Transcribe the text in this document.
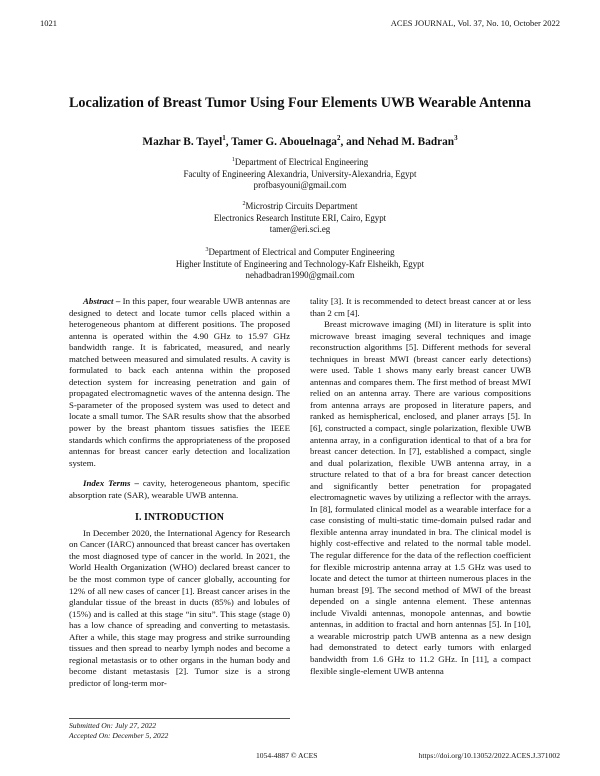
1021	ACES JOURNAL, Vol. 37, No. 10, October 2022
Localization of Breast Tumor Using Four Elements UWB Wearable Antenna
Mazhar B. Tayel$^1$, Tamer G. Abouelnaga$^2$, and Nehad M. Badran$^3$
$^1$Department of Electrical Engineering
Faculty of Engineering Alexandria, University-Alexandria, Egypt
profbasyouni@gmail.com
$^2$Microstrip Circuits Department
Electronics Research Institute ERI, Cairo, Egypt
tamer@eri.sci.eg
$^3$Department of Electrical and Computer Engineering
Higher Institute of Engineering and Technology-Kafr Elsheikh, Egypt
nehadbadran1990@gmail.com

Abstract – In this paper, four wearable UWB antennas are designed to detect and locate tumor cells placed within a heterogeneous phantom at different positions. The proposed antenna is operated within the 4.90 GHz to 15.97 GHz bandwidth range. It is fabricated, measured, and nearly matched between measured and simulated results. A cavity is formulated to back each antenna within the proposed detection system for increasing penetration and gain of propagated electromagnetic waves of the antenna design. The S-parameter of the proposed system was used to detect and locate a small tumor. The SAR results show that the absorbed power by the breast phantom tissues satisfies the IEEE standards which confirms the appropriateness of the proposed antennas for breast cancer early detection and localization system.

Index Terms – cavity, heterogeneous phantom, specific absorption rate (SAR), wearable UWB antenna.

I. INTRODUCTION

In December 2020, the International Agency for Research on Cancer (IARC) announced that breast cancer has overtaken the most diagnosed type of cancer in the world. In 2021, the World Health Organization (WHO) declared breast cancer to be the most common type of cancer globally, accounting for 12% of all new cases of cancer [1]. Breast cancer arises in the glandular tissue of the breast in ducts (85%) and lobules of (15%) and is called at this stage “in situ”. This stage (stage 0) has a low chance of spreading and converting to metastasis. After a while, this stage may progress and strike surrounding tissues and then spread to nearby lymph nodes and become a regional metastasis or to other organs in the human body and become distant metastasis [2]. Tumor size is a strong predictor of long-term mor-

tality [3]. It is recommended to detect breast cancer at or less than 2 cm [4].

Breast microwave imaging (MI) in literature is split into microwave breast imaging several techniques and image reconstruction algorithms [5]. Different methods for several techniques in breast MWI (breast cancer early detections) were used. Table 1 shows many early breast cancer UWB antennas and compares them. The first method of breast MWI relied on an antenna array. There are various compositions from antenna arrays are proposed in literature papers, and ranked as hemispherical, enclosed, and planer arrays [5]. In [6], constructed a compact, single polarization, flexible UWB antenna array, in a configuration identical to that of a bra for breast cancer detection. In [7], established a compact, single and dual polarization, flexible UWB antenna array, in a structure related to that of a bra for breast cancer detection and significantly better penetration for propagated electromagnetic waves by utilizing a reflector with the arrays. In [8], formulated clinical model as a wearable interface for a case consisting of multi-static time-domain pulsed radar and flexible antenna array inundated in bra. The clinical model is highly cost-effective and related to the normal table model. The regular difference for the data of the reflection coefficient for flexible microstrip antenna array at 1.5 GHz was used to locate and detect the tumor at thirteen numerous places in the human breast [9]. The second method of MWI of the breast depended on a single antenna element. These antennas include Vivaldi antennas, monopole antennas, and bowtie antennas, in addition to fractal and horn antennas [5]. In [10], a wearable microstrip patch UWB antenna as a new design had demonstrated to detect early tumors with enlarged bandwidth from 1.6 GHz to 11.2 GHz. In [11], a compact flexible single-element UWB antenna

Submitted On: July 27, 2022
Accepted On: December 5, 2022
1054-4887 © ACES	https://doi.org/10.13052/2022.ACES.J.371002
